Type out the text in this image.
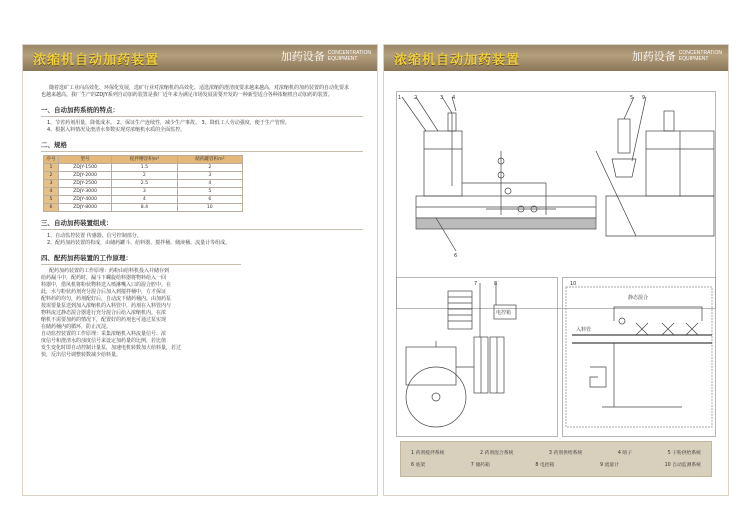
浓缩机自动加药装置	加药设备 CONCENTRATION
EQUIPMENT
随着选矿工业向高效化、环保化发展，选矿行业对浓缩机的高效化、适选浓缩的澄清度要求越来越高，对浓缩机的加药装置的自动化要求
也越来越高。我厂生产的ZDJY系列自动加药装置是我厂近年来为满足市场发展需要开发的一种新型适合各种浓缩机自动加药的装置。
一、自动加药系统的特点：
1、节省药剂用量，降低成本。 2、保证生产连续性，减少生产事故。 3、降低工人劳动强度，便于生产管理。
4、根据入料情况及澄清水参数实现对浓缩机水质的全面监控。
二、规格
序号	型号	搅拌槽容积m³	储药罐容积m³
1	ZDJY-1500	1.5	2
2	ZDJY-2000	2	3
3	ZDJY-2500	2.5	4
4	ZDJY-3000	3	5
5	ZDJY-4000	4	6
6	ZDJY-8000	8.4	10
三、自动加药装置组成：
1、自动监控装置 传感器、信号控制部分。
2、配药加药装置的构成，由储药罐斗、给料器、搅拌桶、储液桶、流量计等组成。
四、配药加药装置的工作原理：

配药加药装置的工作原理：药粉由给料机投入并储存到

给药漏斗中，配药时，漏斗下螺旋给料器将物料给入一回
料器中，借风机将粉状物料送入喷淋嘴入口的混合腔中。在
此，水与粉状药剂充分混合后加入到搅拌桶中，方才保证
配料药的均匀，药剂配好后，自动流下储药桶内，由加药泵
按需要量泵送到加入浓缩机的入料管中，药剂在入料管内与
物料流过静态混合器进行充分混合后给入浓缩机内。在浓
缩机不需要加药的情况下，配置好的药剂也可通过泵实现
在储药桶内的循环，防止沉淀。
自动监控装置的工作原理：采集浓缩机入料流量信号、浓
度信号和澄清水的浊度信号来设定加药量的比例，若比值
发生变化时即自动控制计量泵，加速电机转数加大给料量，若过
快，反出信号调整转数减少给料量。
浓缩机自动加药装置	加药设备 CONCENTRATION
EQUIPMENT
1	2	3 4	5
6
9
7	8
电控箱
10
静态混合
入料管
1 药剂搅拌系统	2 药剂混合系统	3 药剂供给系统	4 喷子	5 干粉供给系统
6 底架	7 储药箱	8 电控箱	9 流量计	10 自动监测系统
